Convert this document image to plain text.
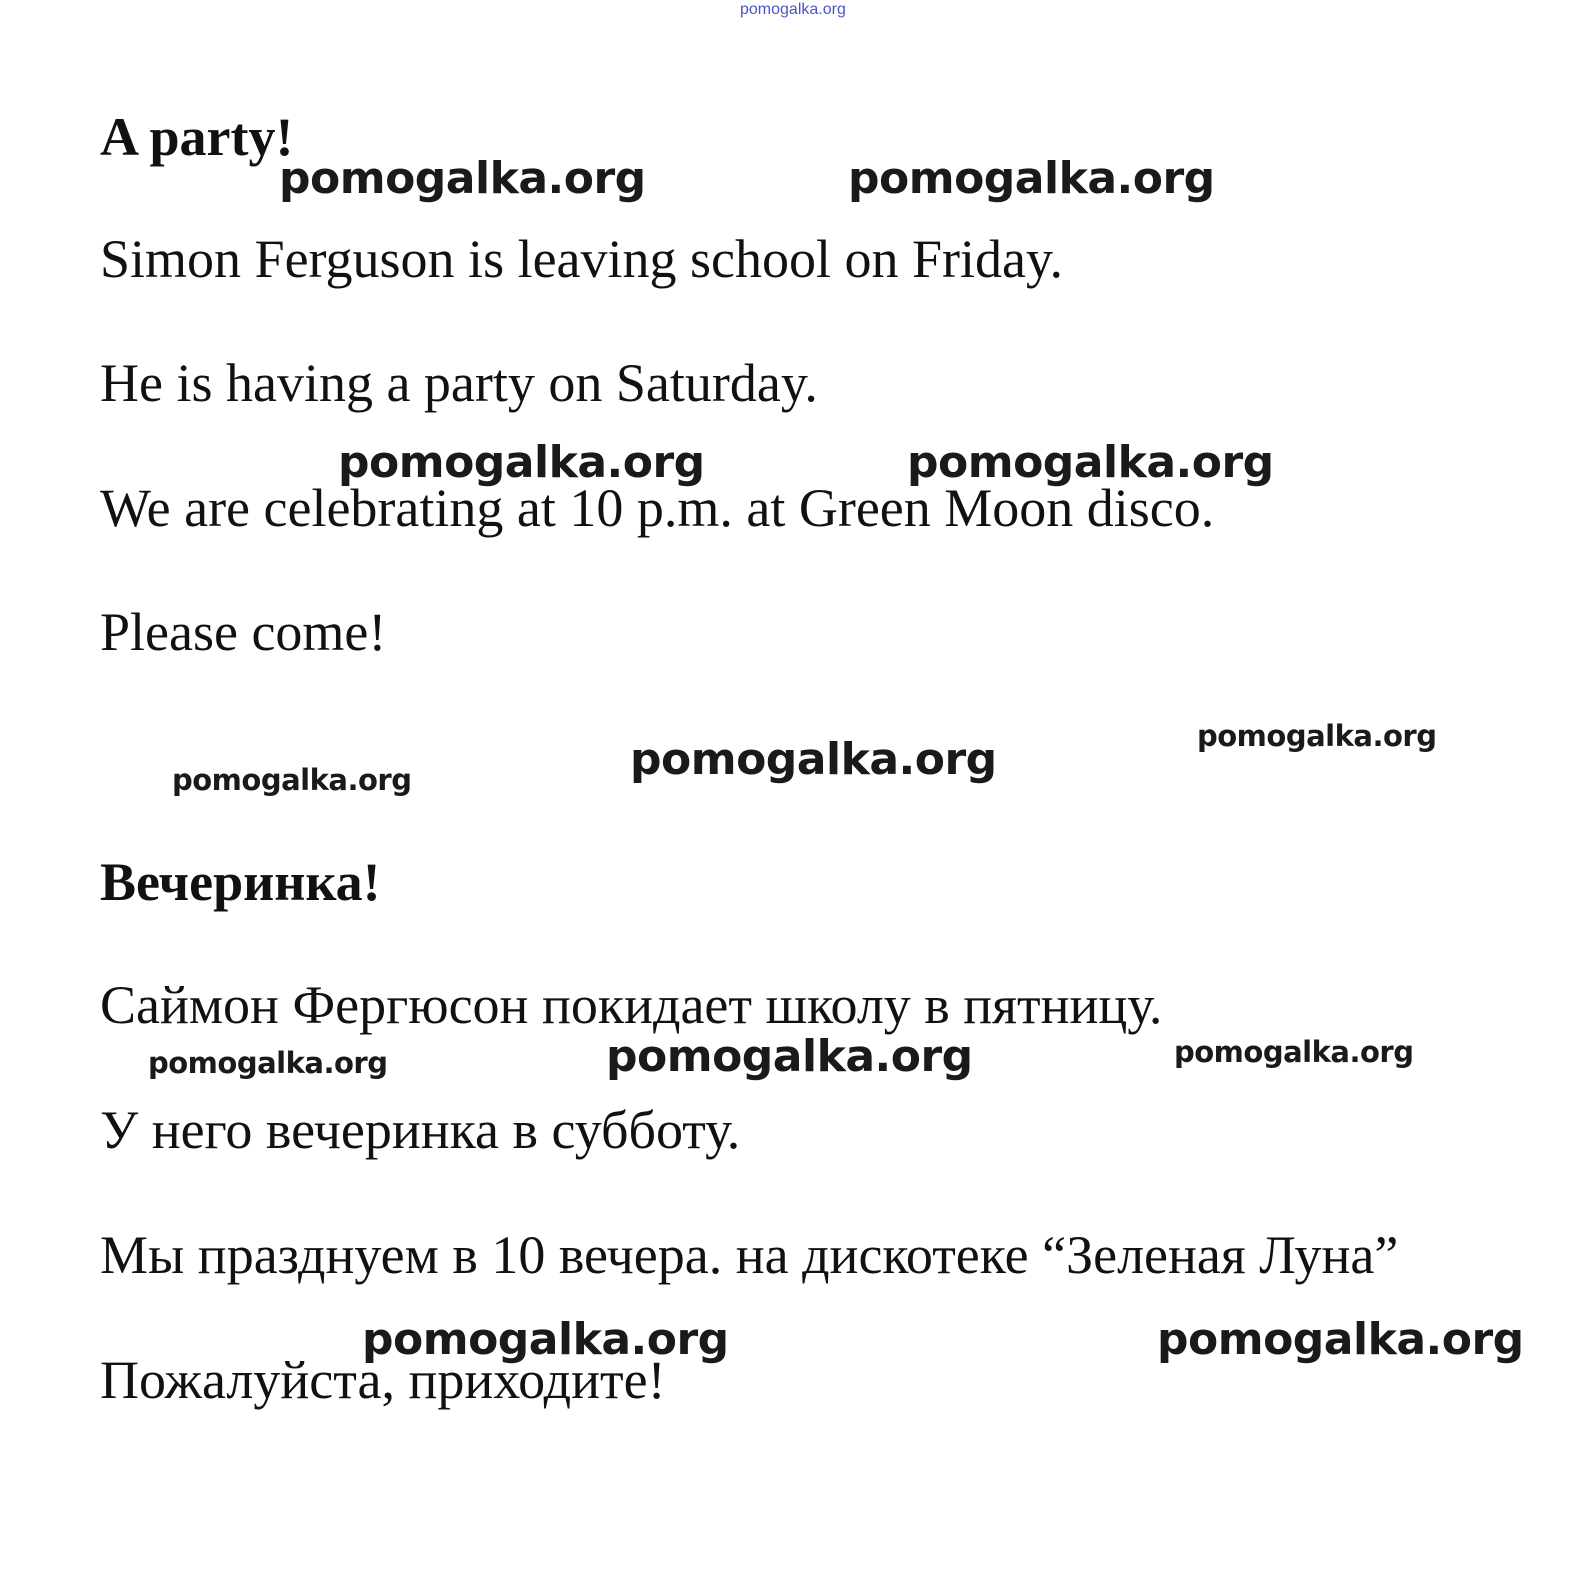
pomogalka.org
A party!

Simon Ferguson is leaving school on Friday.

He is having a party on Saturday.

We are celebrating at 10 p.m. at Green Moon disco.

Please come!

Вечеринка!

Саймон Фергюсон покидает школу в пятницу.

У него вечеринка в субботу.

Мы празднуем в 10 вечера. на дискотеке “Зеленая Луна”

Пожалуйста, приходите!

pomogalka.org	pomogalka.org
pomogalka.org	pomogalka.org
pomogalka.org	pomogalka.org
pomogalka.org
pomogalka.org
pomogalka.org	pomogalka.org
pomogalka.org	pomogalka.org
